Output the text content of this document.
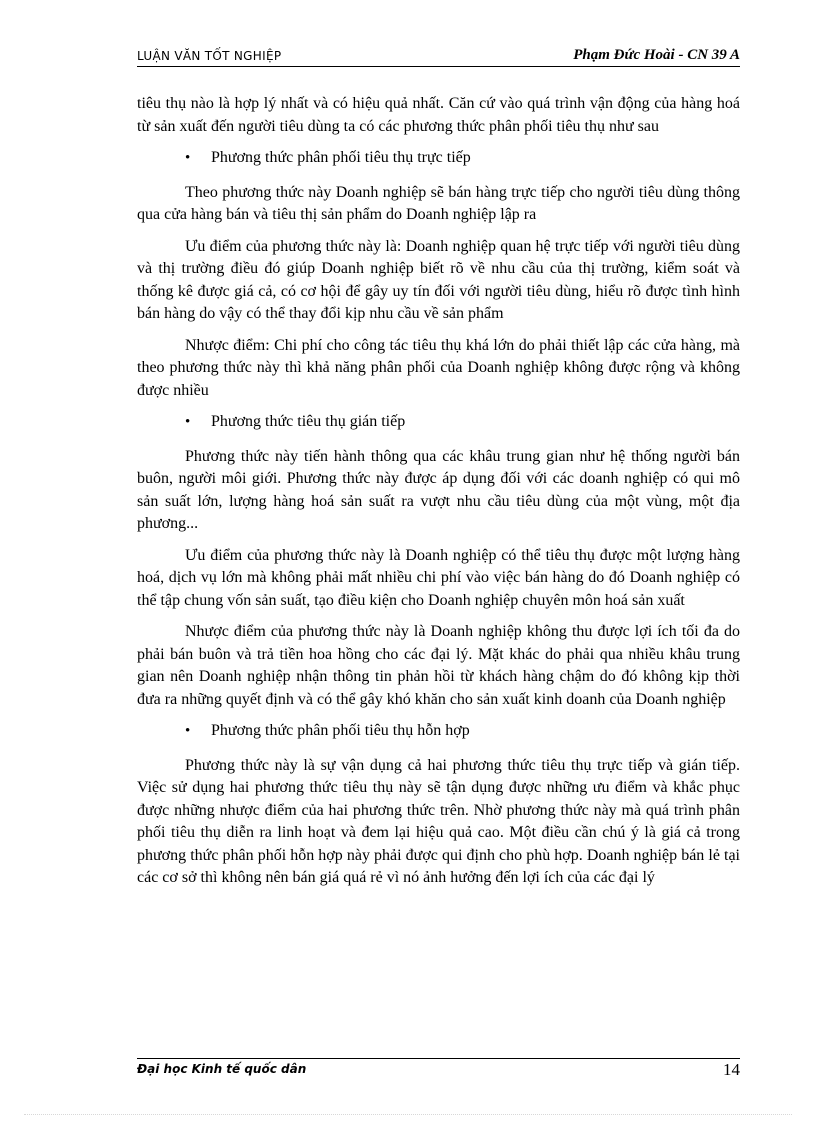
LUẬN VĂN TỐT NGHIỆP	Phạm Đức Hoài - CN 39 A

tiêu thụ nào là hợp lý nhất và có hiệu quả nhất. Căn cứ vào quá trình vận động của hàng hoá từ sản xuất đến người tiêu dùng ta có các phương thức phân phối tiêu thụ như sau

•	Phương thức phân phối tiêu thụ trực tiếp

Theo phương thức này Doanh nghiệp sẽ bán hàng trực tiếp cho người tiêu dùng thông qua cửa hàng bán và tiêu thị sản phẩm do Doanh nghiệp lập ra

Ưu điểm của phương thức này là: Doanh nghiệp quan hệ trực tiếp với người tiêu dùng và thị trường điều đó giúp Doanh nghiệp biết rõ về nhu cầu của thị trường, kiểm soát và thống kê được giá cả, có cơ hội để gây uy tín đối với người tiêu dùng, hiểu rõ được tình hình bán hàng do vậy có thể thay đổi kịp nhu cầu về sản phẩm

Nhược điểm: Chi phí cho công tác tiêu thụ khá lớn do phải thiết lập các cửa hàng, mà theo phương thức này thì khả năng phân phối của Doanh nghiệp không được rộng và không được nhiều

•	Phương thức tiêu thụ gián tiếp

Phương thức này tiến hành thông qua các khâu trung gian như hệ thống người bán buôn, người môi giới. Phương thức này được áp dụng đối với các doanh nghiệp có qui mô sản suất lớn, lượng hàng hoá sản suất ra vượt nhu cầu tiêu dùng của một vùng, một địa phương...

Ưu điểm của phương thức này là Doanh nghiệp có thể tiêu thụ được một lượng hàng hoá, dịch vụ lớn mà không phải mất nhiều chi phí vào việc bán hàng do đó Doanh nghiệp có thể tập chung vốn sản suất, tạo điều kiện cho Doanh nghiệp chuyên môn hoá sản xuất

Nhược điểm của phương thức này là Doanh nghiệp không thu được lợi ích tối đa do phải bán buôn và trả tiền hoa hồng cho các đại lý. Mặt khác do phải qua nhiều khâu trung gian nên Doanh nghiệp nhận thông tin phản hồi từ khách hàng chậm do đó không kịp thời đưa ra những quyết định và có thể gây khó khăn cho sản xuất kinh doanh của Doanh nghiệp

•	Phương thức phân phối tiêu thụ hỗn hợp

Phương thức này là sự vận dụng cả hai phương thức tiêu thụ trực tiếp và gián tiếp. Việc sử dụng hai phương thức tiêu thụ này sẽ tận dụng được những ưu điểm và khắc phục được những nhược điểm của hai phương thức trên. Nhờ phương thức này mà quá trình phân phối tiêu thụ diễn ra linh hoạt và đem lại hiệu quả cao. Một điều cần chú ý là giá cả trong phương thức phân phối hỗn hợp này phải được qui định cho phù hợp. Doanh nghiệp bán lẻ tại các cơ sở thì không nên bán giá quá rẻ vì nó ảnh hưởng đến lợi ích của các đại lý

Đại học Kinh tế quốc dân	14
